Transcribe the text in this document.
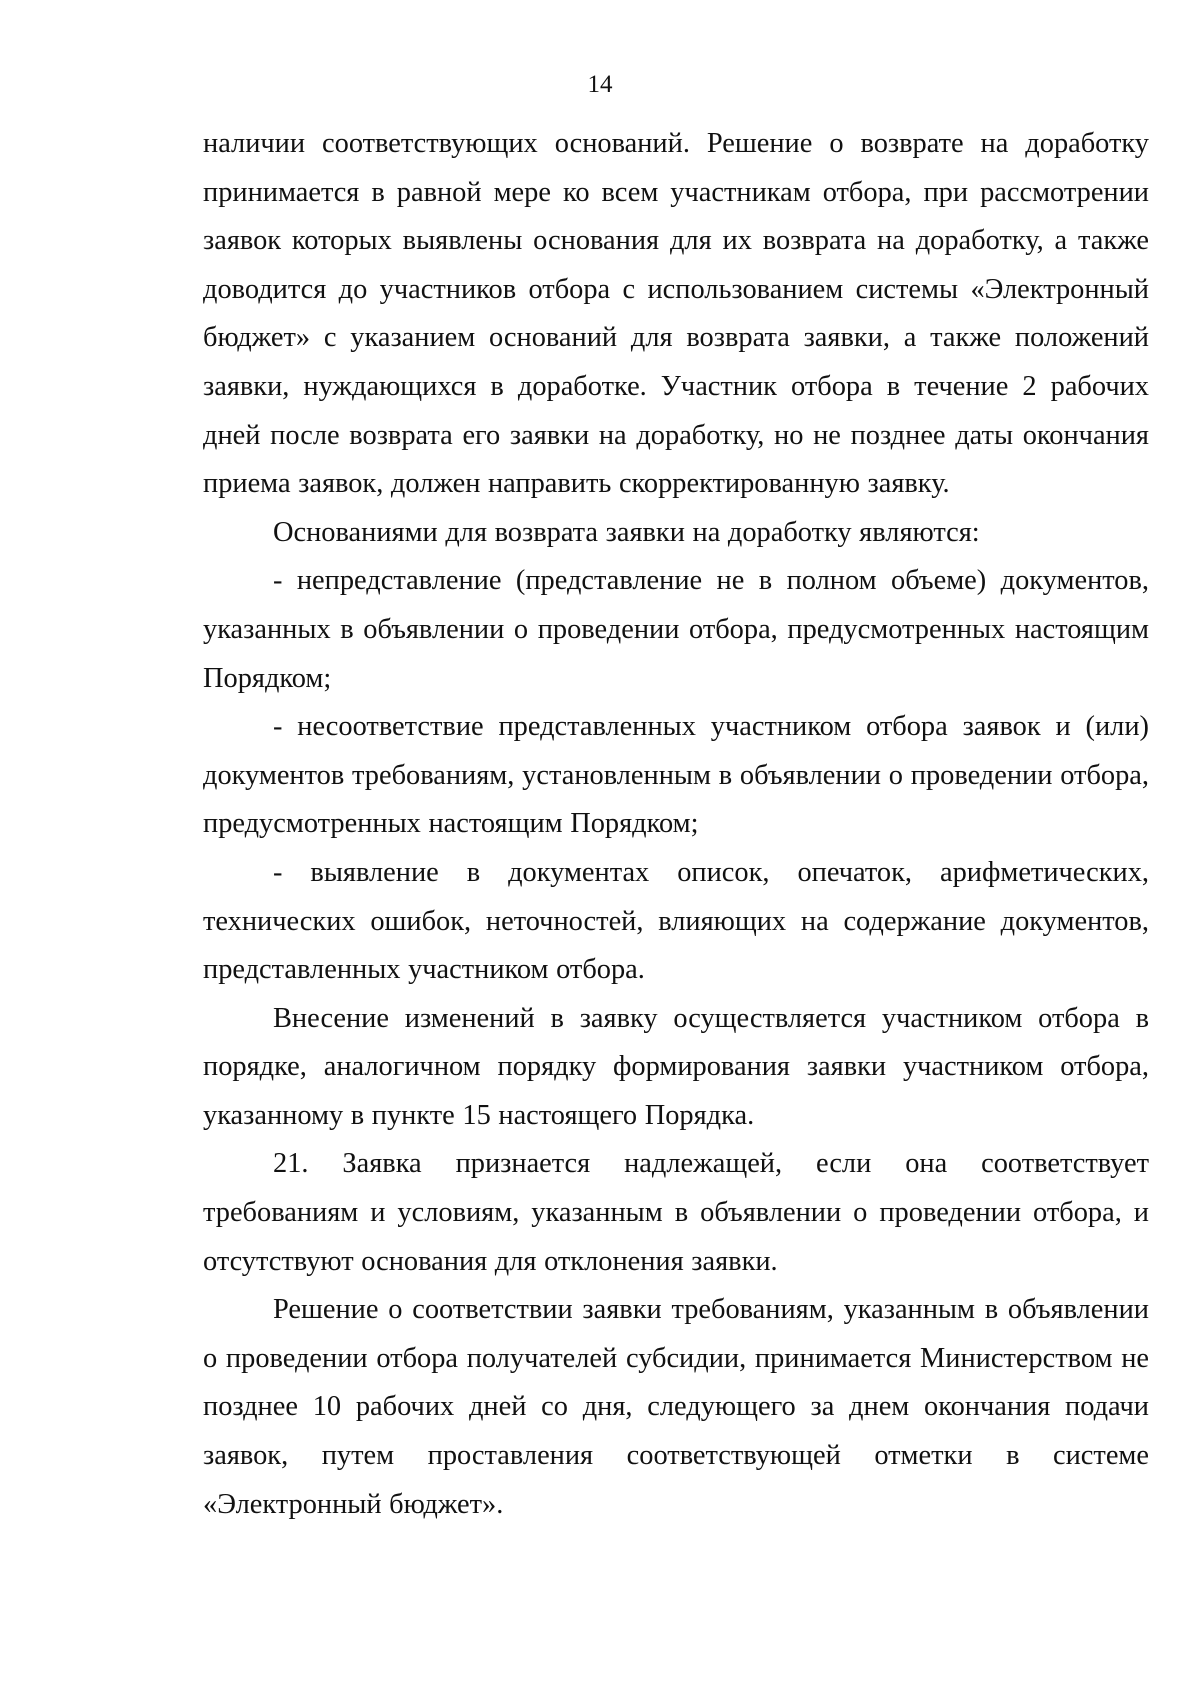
14

наличии соответствующих оснований. Решение о возврате на доработку принимается в равной мере ко всем участникам отбора, при рассмотрении заявок которых выявлены основания для их возврата на доработку, а также доводится до участников отбора с использованием системы «Электронный бюджет» с указанием оснований для возврата заявки, а также положений заявки, нуждающихся в доработке. Участник отбора в течение 2 рабочих дней после возврата его заявки на доработку, но не позднее даты окончания приема заявок, должен направить скорректированную заявку.

Основаниями для возврата заявки на доработку являются:

- непредставление (представление не в полном объеме) документов, указанных в объявлении о проведении отбора, предусмотренных настоящим Порядком;

- несоответствие представленных участником отбора заявок и (или) документов требованиям, установленным в объявлении о проведении отбора, предусмотренных настоящим Порядком;

- выявление в документах описок, опечаток, арифметических, технических ошибок, неточностей, влияющих на содержание документов, представленных участником отбора.

Внесение изменений в заявку осуществляется участником отбора в порядке, аналогичном порядку формирования заявки участником отбора, указанному в пункте 15 настоящего Порядка.

21. Заявка признается надлежащей, если она соответствует требованиям и условиям, указанным в объявлении о проведении отбора, и отсутствуют основания для отклонения заявки.

Решение о соответствии заявки требованиям, указанным в объявлении о проведении отбора получателей субсидии, принимается Министерством не позднее 10 рабочих дней со дня, следующего за днем окончания подачи заявок, путем проставления соответствующей отметки в системе «Электронный бюджет».
